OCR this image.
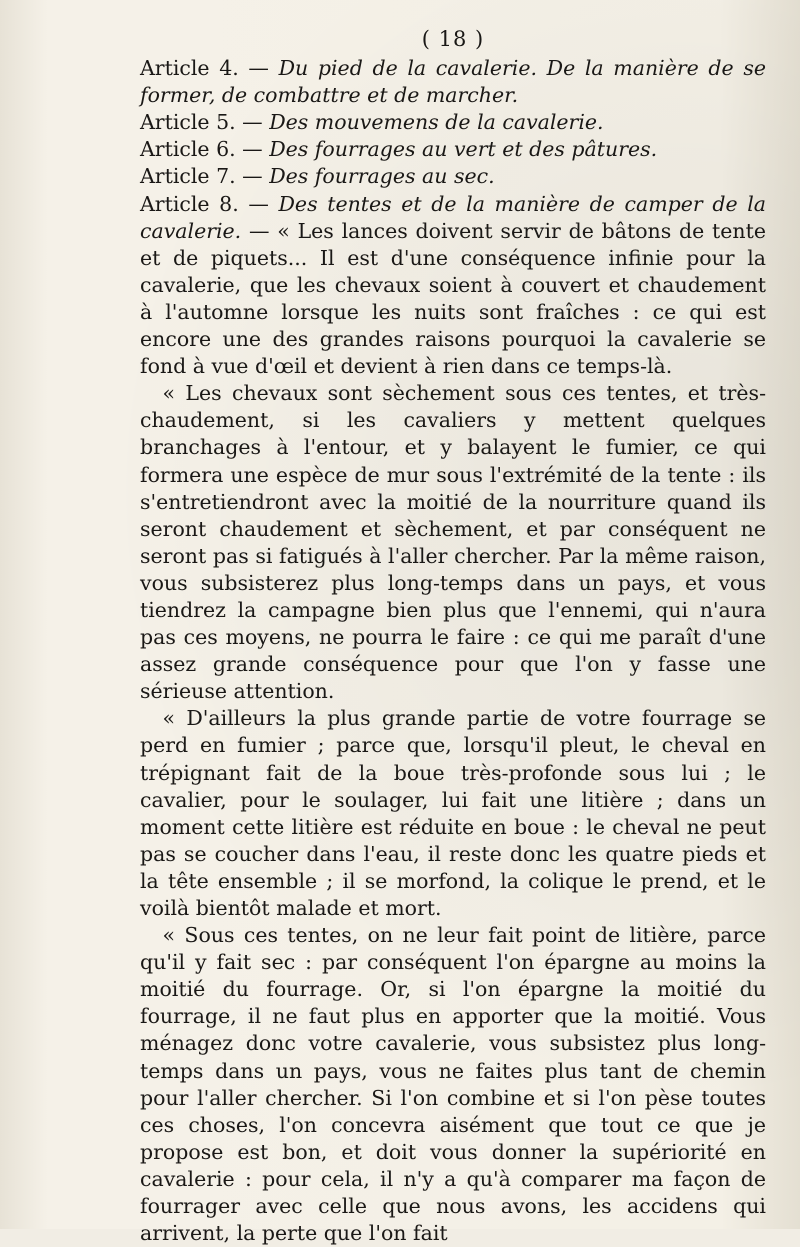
( 18 )

Article 4. — Du pied de la cavalerie. De la manière de se former, de combattre et de marcher.

Article 5. — Des mouvemens de la cavalerie.

Article 6. — Des fourrages au vert et des pâtures.

Article 7. — Des fourrages au sec.

Article 8. — Des tentes et de la manière de camper de la cavalerie. — « Les lances doivent servir de bâtons de tente et de piquets... Il est d'une conséquence infinie pour la cavalerie, que les chevaux soient à couvert et chaudement à l'automne lorsque les nuits sont fraîches : ce qui est encore une des grandes raisons pourquoi la cavalerie se fond à vue d'œil et devient à rien dans ce temps-là.

« Les chevaux sont sèchement sous ces tentes, et très-chaudement, si les cavaliers y mettent quelques branchages à l'entour, et y balayent le fumier, ce qui formera une espèce de mur sous l'extrémité de la tente : ils s'entretiendront avec la moitié de la nourriture quand ils seront chaudement et sèchement, et par conséquent ne seront pas si fatigués à l'aller chercher. Par la même raison, vous subsisterez plus long-temps dans un pays, et vous tiendrez la campagne bien plus que l'ennemi, qui n'aura pas ces moyens, ne pourra le faire : ce qui me paraît d'une assez grande conséquence pour que l'on y fasse une sérieuse attention.

« D'ailleurs la plus grande partie de votre fourrage se perd en fumier ; parce que, lorsqu'il pleut, le cheval en trépignant fait de la boue très-profonde sous lui ; le cavalier, pour le soulager, lui fait une litière ; dans un moment cette litière est réduite en boue : le cheval ne peut pas se coucher dans l'eau, il reste donc les quatre pieds et la tête ensemble ; il se morfond, la colique le prend, et le voilà bientôt malade et mort.

« Sous ces tentes, on ne leur fait point de litière, parce qu'il y fait sec : par conséquent l'on épargne au moins la moitié du fourrage. Or, si l'on épargne la moitié du fourrage, il ne faut plus en apporter que la moitié. Vous ménagez donc votre cavalerie, vous subsistez plus long-temps dans un pays, vous ne faites plus tant de chemin pour l'aller chercher. Si l'on combine et si l'on pèse toutes ces choses, l'on concevra aisément que tout ce que je propose est bon, et doit vous donner la supériorité en cavalerie : pour cela, il n'y a qu'à comparer ma façon de fourrager avec celle que nous avons, les accidens qui arrivent, la perte que l'on fait
